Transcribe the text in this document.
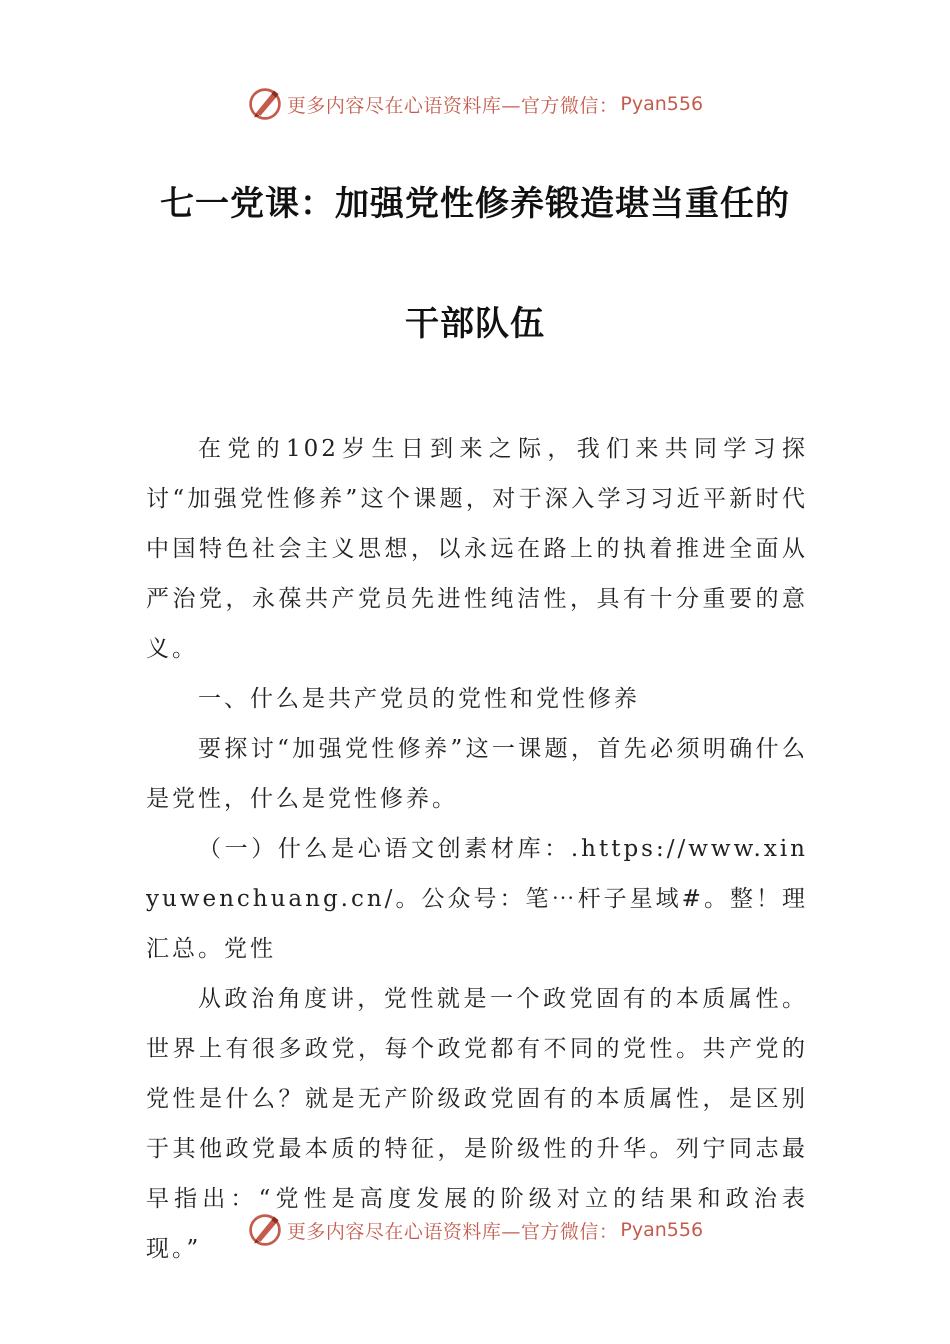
更多内容尽在心语资料库—官方微信： Pyan556
七一党课：加强党性修养锻造堪当重任的
干部队伍

在党的102岁生日到来之际，我们来共同学习探讨“加强党性修养”这个课题，对于深入学习习近平新时代中国特色社会主义思想，以永远在路上的执着推进全面从严治党，永葆共产党员先进性纯洁性，具有十分重要的意义。

一、什么是共产党员的党性和党性修养

要探讨“加强党性修养”这一课题，首先必须明确什么是党性，什么是党性修养。

（一）什么是心语文创素材库：.https://www.xinyuwenchuang.cn/。公众号：笔⋯杆子星域#。整！理汇总。党性

从政治角度讲，党性就是一个政党固有的本质属性。世界上有很多政党，每个政党都有不同的党性。共产党的党性是什么？就是无产阶级政党固有的本质属性，是区别于其他政党最本质的特征，是阶级性的升华。列宁同志最早指出：“党性是高度发展的阶级对立的结果和政治表现。”

更多内容尽在心语资料库—官方微信： Pyan556
